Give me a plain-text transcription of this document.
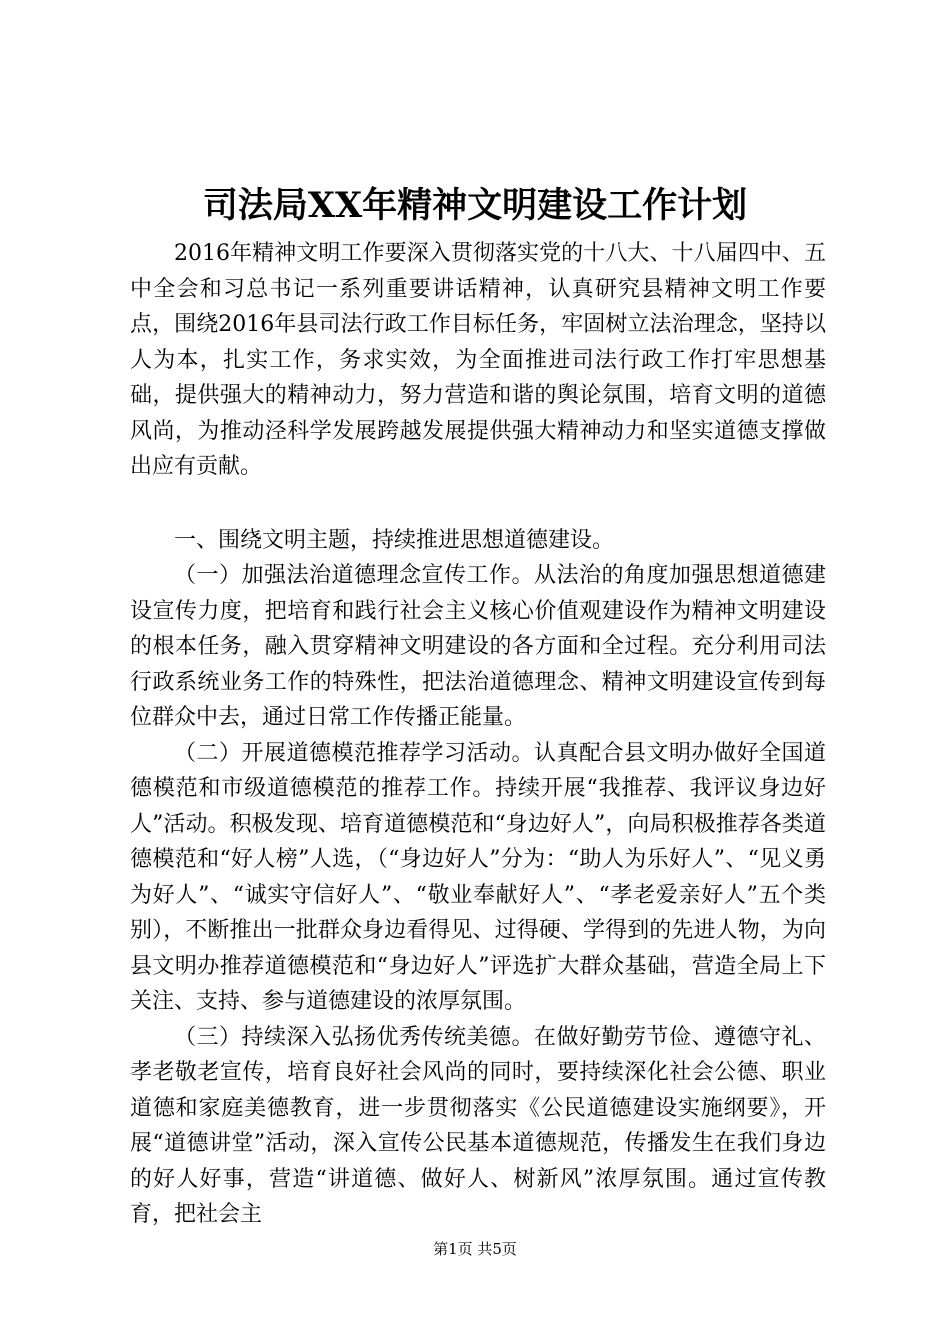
司法局XX年精神文明建设工作计划

2016年精神文明工作要深入贯彻落实党的十八大、十八届四中、五中全会和习总书记一系列重要讲话精神，认真研究县精神文明工作要点，围绕2016年县司法行政工作目标任务，牢固树立法治理念，坚持以人为本，扎实工作，务求实效，为全面推进司法行政工作打牢思想基础，提供强大的精神动力，努力营造和谐的舆论氛围，培育文明的道德风尚，为推动泾科学发展跨越发展提供强大精神动力和坚实道德支撑做出应有贡献。

一、围绕文明主题，持续推进思想道德建设。

（一）加强法治道德理念宣传工作。从法治的角度加强思想道德建设宣传力度，把培育和践行社会主义核心价值观建设作为精神文明建设的根本任务，融入贯穿精神文明建设的各方面和全过程。充分利用司法行政系统业务工作的特殊性，把法治道德理念、精神文明建设宣传到每位群众中去，通过日常工作传播正能量。

（二）开展道德模范推荐学习活动。认真配合县文明办做好全国道德模范和市级道德模范的推荐工作。持续开展“我推荐、我评议身边好人”活动。积极发现、培育道德模范和“身边好人”，向局积极推荐各类道德模范和“好人榜”人选，（“身边好人”分为：“助人为乐好人”、“见义勇为好人”、“诚实守信好人”、“敬业奉献好人”、“孝老爱亲好人”五个类别），不断推出一批群众身边看得见、过得硬、学得到的先进人物，为向县文明办推荐道德模范和“身边好人”评选扩大群众基础，营造全局上下关注、支持、参与道德建设的浓厚氛围。

（三）持续深入弘扬优秀传统美德。在做好勤劳节俭、遵德守礼、孝老敬老宣传，培育良好社会风尚的同时，要持续深化社会公德、职业道德和家庭美德教育，进一步贯彻落实《公民道德建设实施纲要》，开展“道德讲堂”活动，深入宣传公民基本道德规范，传播发生在我们身边的好人好事，营造“讲道德、做好人、树新风”浓厚氛围。通过宣传教育，把社会主

第1页 共5页
